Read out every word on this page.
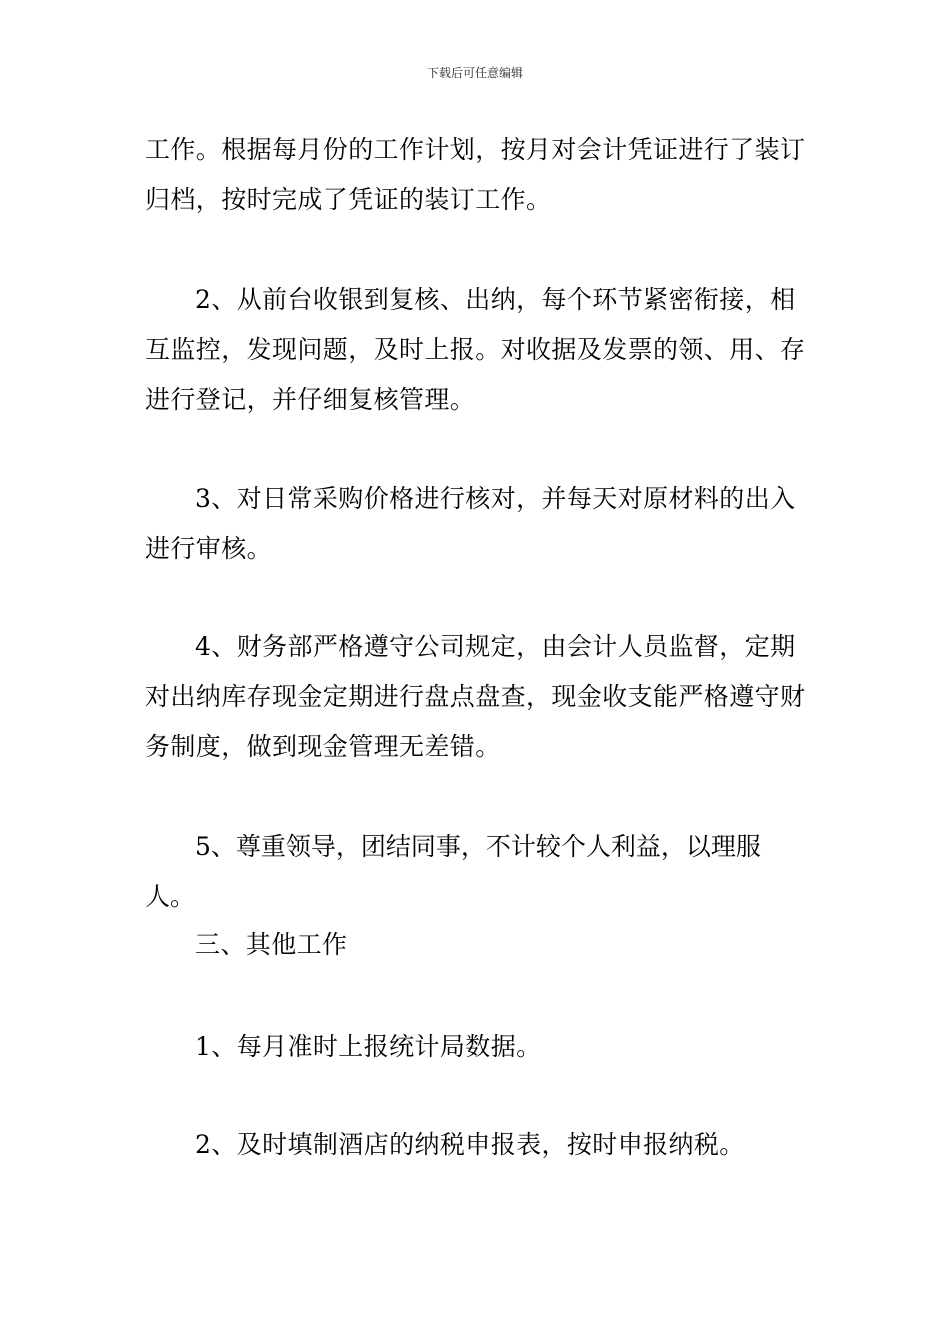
下载后可任意编辑

工作。根据每月份的工作计划，按月对会计凭证进行了装订归档，按时完成了凭证的装订工作。

2、从前台收银到复核、出纳，每个环节紧密衔接，相互监控，发现问题，及时上报。对收据及发票的领、用、存进行登记，并仔细复核管理。

3、对日常采购价格进行核对，并每天对原材料的出入进行审核。

4、财务部严格遵守公司规定，由会计人员监督，定期对出纳库存现金定期进行盘点盘查，现金收支能严格遵守财务制度，做到现金管理无差错。

5、尊重领导，团结同事，不计较个人利益，以理服人。

三、其他工作

1、每月准时上报统计局数据。

2、及时填制酒店的纳税申报表，按时申报纳税。
